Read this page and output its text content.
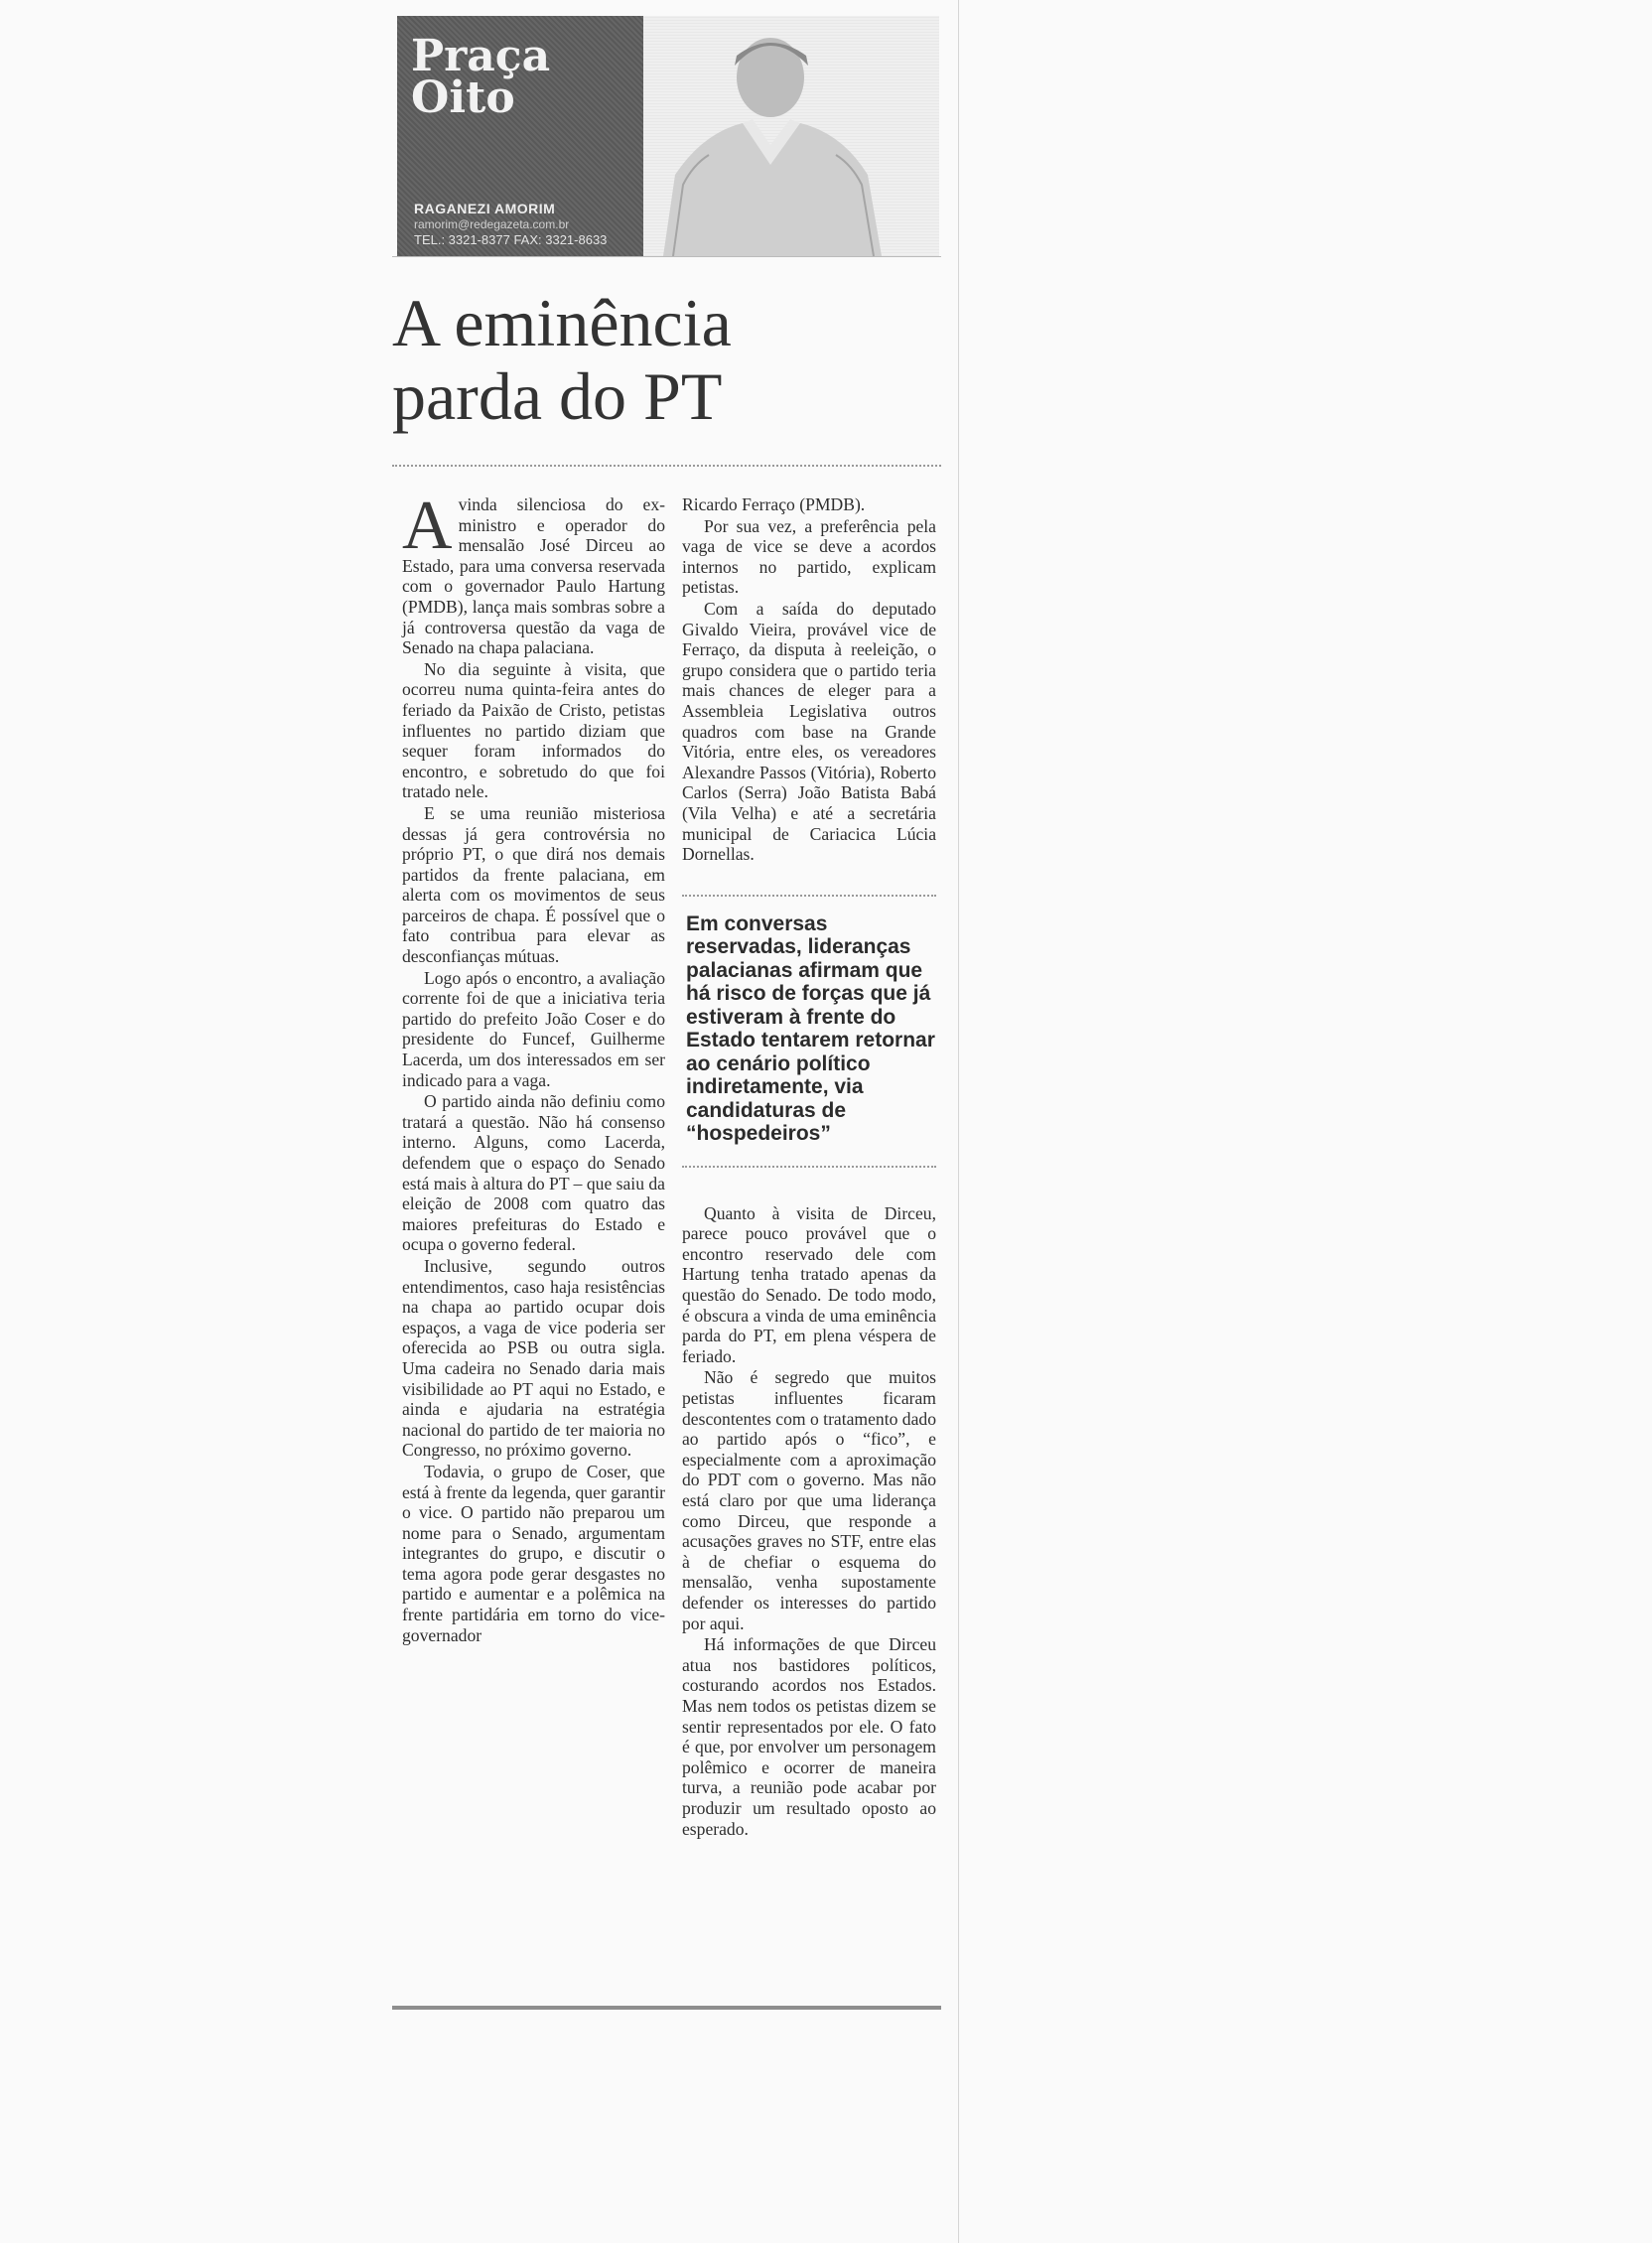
Praça Oito
RAGANEZI AMORIM
ramorim@redegazeta.com.br
TEL.: 3321-8377 FAX: 3321-8633
A eminência parda do PT

A vinda silenciosa do ex-ministro e operador do mensalão José Dirceu ao Estado, para uma conversa reservada com o governador Paulo Hartung (PMDB), lança mais sombras sobre a já controversa questão da vaga de Senado na chapa palaciana.

No dia seguinte à visita, que ocorreu numa quinta-feira antes do feriado da Paixão de Cristo, petistas influentes no partido diziam que sequer foram informados do encontro, e sobretudo do que foi tratado nele.

E se uma reunião misteriosa dessas já gera controvérsia no próprio PT, o que dirá nos demais partidos da frente palaciana, em alerta com os movimentos de seus parceiros de chapa. É possível que o fato contribua para elevar as desconfianças mútuas.

Logo após o encontro, a avaliação corrente foi de que a iniciativa teria partido do prefeito João Coser e do presidente do Funcef, Guilherme Lacerda, um dos interessados em ser indicado para a vaga.

O partido ainda não definiu como tratará a questão. Não há consenso interno. Alguns, como Lacerda, defendem que o espaço do Senado está mais à altura do PT – que saiu da eleição de 2008 com quatro das maiores prefeituras do Estado e ocupa o governo federal.

Inclusive, segundo outros entendimentos, caso haja resistências na chapa ao partido ocupar dois espaços, a vaga de vice poderia ser oferecida ao PSB ou outra sigla. Uma cadeira no Senado daria mais visibilidade ao PT aqui no Estado, e ainda e ajudaria na estratégia nacional do partido de ter maioria no Congresso, no próximo governo.

Todavia, o grupo de Coser, que está à frente da legenda, quer garantir o vice. O partido não preparou um nome para o Senado, argumentam integrantes do grupo, e discutir o tema agora pode gerar desgastes no partido e aumentar e a polêmica na frente partidária em torno do vice-governador

Ricardo Ferraço (PMDB).

Por sua vez, a preferência pela vaga de vice se deve a acordos internos no partido, explicam petistas.

Com a saída do deputado Givaldo Vieira, provável vice de Ferraço, da disputa à reeleição, o grupo considera que o partido teria mais chances de eleger para a Assembleia Legislativa outros quadros com base na Grande Vitória, entre eles, os vereadores Alexandre Passos (Vitória), Roberto Carlos (Serra) João Batista Babá (Vila Velha) e até a secretária municipal de Cariacica Lúcia Dornellas.

Em conversas reservadas, lideranças palacianas afirmam que há risco de forças que já estiveram à frente do Estado tentarem retornar ao cenário político indiretamente, via candidaturas de “hospedeiros”

Quanto à visita de Dirceu, parece pouco provável que o encontro reservado dele com Hartung tenha tratado apenas da questão do Senado. De todo modo, é obscura a vinda de uma eminência parda do PT, em plena véspera de feriado.

Não é segredo que muitos petistas influentes ficaram descontentes com o tratamento dado ao partido após o “fico”, e especialmente com a aproximação do PDT com o governo. Mas não está claro por que uma liderança como Dirceu, que responde a acusações graves no STF, entre elas à de chefiar o esquema do mensalão, venha supostamente defender os interesses do partido por aqui.

Há informações de que Dirceu atua nos bastidores políticos, costurando acordos nos Estados. Mas nem todos os petistas dizem se sentir representados por ele. O fato é que, por envolver um personagem polêmico e ocorrer de maneira turva, a reunião pode acabar por produzir um resultado oposto ao esperado.
